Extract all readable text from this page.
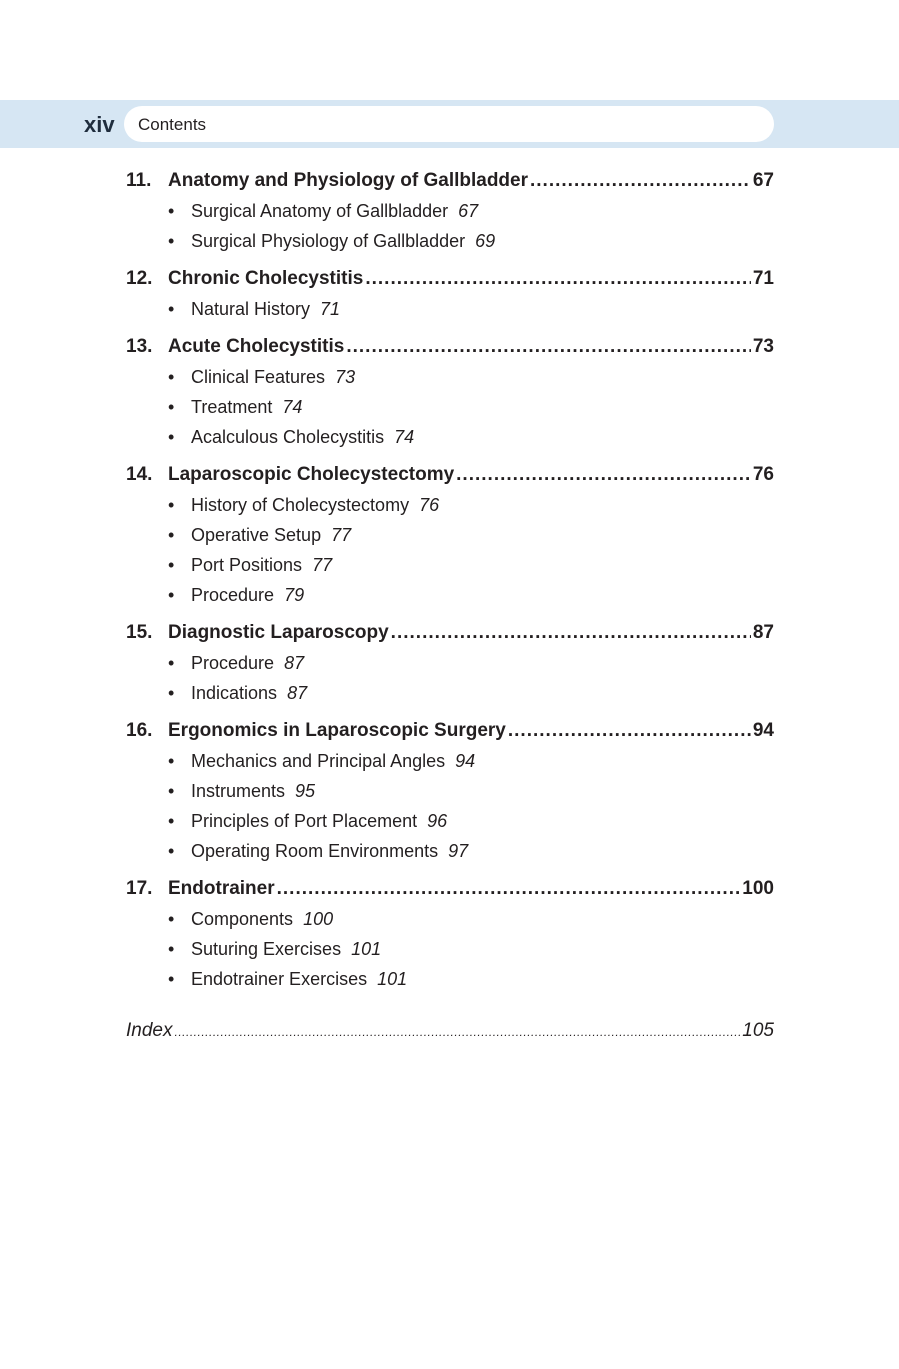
xiv Contents
11. Anatomy and Physiology of Gallbladder .....	67
• Surgical Anatomy of Gallbladder 67
• Surgical Physiology of Gallbladder 69
12. Chronic Cholecystitis .....	71
• Natural History 71
13. Acute Cholecystitis .....	73
• Clinical Features 73
• Treatment 74
• Acalculous Cholecystitis 74
14. Laparoscopic Cholecystectomy .....	76
• History of Cholecystectomy 76
• Operative Setup 77
• Port Positions 77
• Procedure 79
15. Diagnostic Laparoscopy .....	87
• Procedure 87
• Indications 87
16. Ergonomics in Laparoscopic Surgery .....	94
• Mechanics and Principal Angles 94
• Instruments 95
• Principles of Port Placement 96
• Operating Room Environments 97
17. Endotrainer .....	100
• Components 100
• Suturing Exercises 101
• Endotrainer Exercises 101
Index .....	105
